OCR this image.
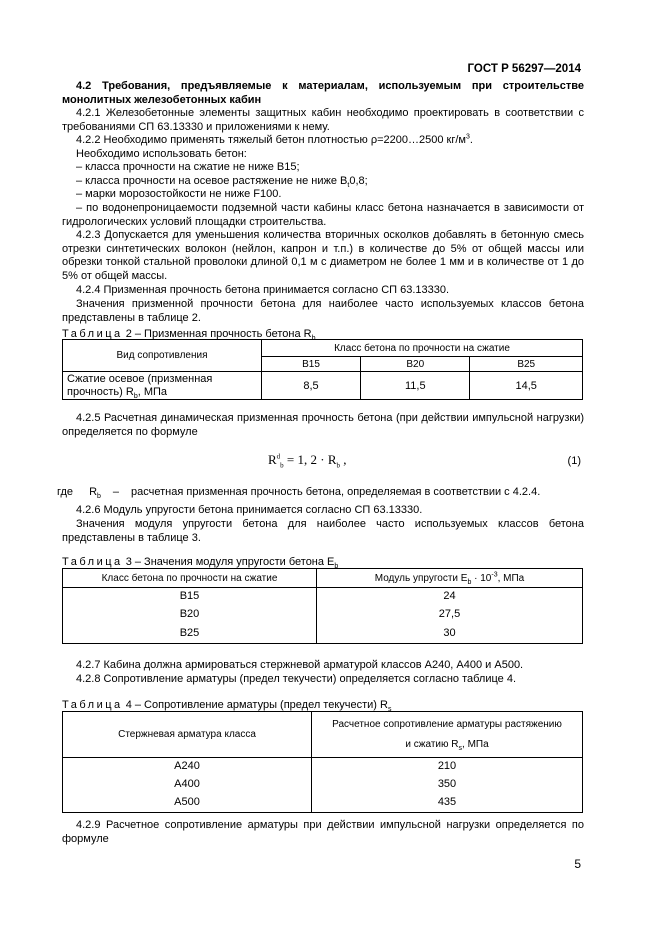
ГОСТ Р 56297—2014
4.2 Требования, предъявляемые к материалам, используемым при строительстве монолитных железобетонных кабин
4.2.1 Железобетонные элементы защитных кабин необходимо проектировать в соответствии с требованиями СП 63.13330 и приложениями к нему.
4.2.2 Необходимо применять тяжелый бетон плотностью ρ=2200…2500 $кг/м^3$.
Необходимо использовать бетон:
– класса прочности на сжатие не ниже В15;
– класса прочности на осевое растяжение не ниже $В_t0,8$;
– марки морозостойкости не ниже F100.
– по водонепроницаемости подземной части кабины класс бетона назначается в зависимости от гидрологических условий площадки строительства.
4.2.3 Допускается для уменьшения количества вторичных осколков добавлять в бетонную смесь отрезки синтетических волокон (нейлон, капрон и т.п.) в количестве до 5% от общей массы или обрезки тонкой стальной проволоки длиной 0,1 м с диаметром не более 1 мм и в количестве от 1 до 5% от общей массы.
4.2.4 Призменная прочность бетона принимается согласно СП 63.13330.
Значения призменной прочности бетона для наиболее часто используемых классов бетона представлены в таблице 2.
Таблица 2 – Призменная прочность бетона $R_b$
Вид сопротивления	Класс бетона по прочности на сжатие		
	В15	В20	В25
Сжатие осевое (призменная прочность) $R_b$, МПа	8,5	11,5	14,5
4.2.5 Расчетная динамическая призменная прочность бетона (при действии импульсной нагрузки) определяется по формуле
$R^d_b = 1$, $2 \cdot R_b$ ,	(1)
где $R_b$ – расчетная призменная прочность бетона, определяемая в соответствии с 4.2.4.
4.2.6 Модуль упругости бетона принимается согласно СП 63.13330.
Значения модуля упругости бетона для наиболее часто используемых классов бетона представлены в таблице 3.
Таблица 3 – Значения модуля упругости бетона $Е_b$
Класс бетона по прочности на сжатие	Модуль упругости $E_b \cdot 10^{-3}$, МПа
В15	24
В20	27,5
В25	30
4.2.7 Кабина должна армироваться стержневой арматурой классов А240, А400 и А500.
4.2.8 Сопротивление арматуры (предел текучести) определяется согласно таблице 4.
Таблица 4 – Сопротивление арматуры (предел текучести) $R_s$
Стержневая арматура класса	Расчетное сопротивление арматуры растяжению
и сжатию $R_s$, МПа
А240	210
А400	350
А500	435
4.2.9 Расчетное сопротивление арматуры при действии импульсной нагрузки определяется по формуле
5
